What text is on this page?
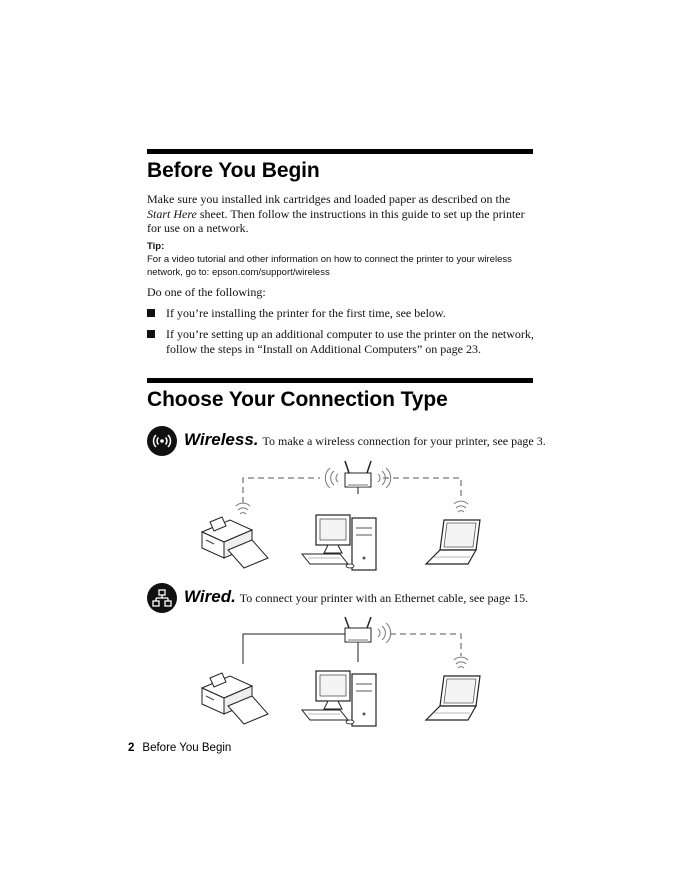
Before You Begin

Make sure you installed ink cartridges and loaded paper as described on the
Start Here sheet. Then follow the instructions in this guide to set up the printer for use on a network.

Tip:

For a video tutorial and other information on how to connect the printer to your wireless network, go to: epson.com/support/wireless

Do one of the following:

If you’re installing the printer for the first time, see below.

If you’re setting up an additional computer to use the printer on the network, follow the steps in “Install on Additional Computers” on page 23.

Choose Your Connection Type
Wireless. To make a wireless connection for your printer, see page 3.
Wired. To connect your printer with an Ethernet cable, see page 15.
2 Before You Begin
